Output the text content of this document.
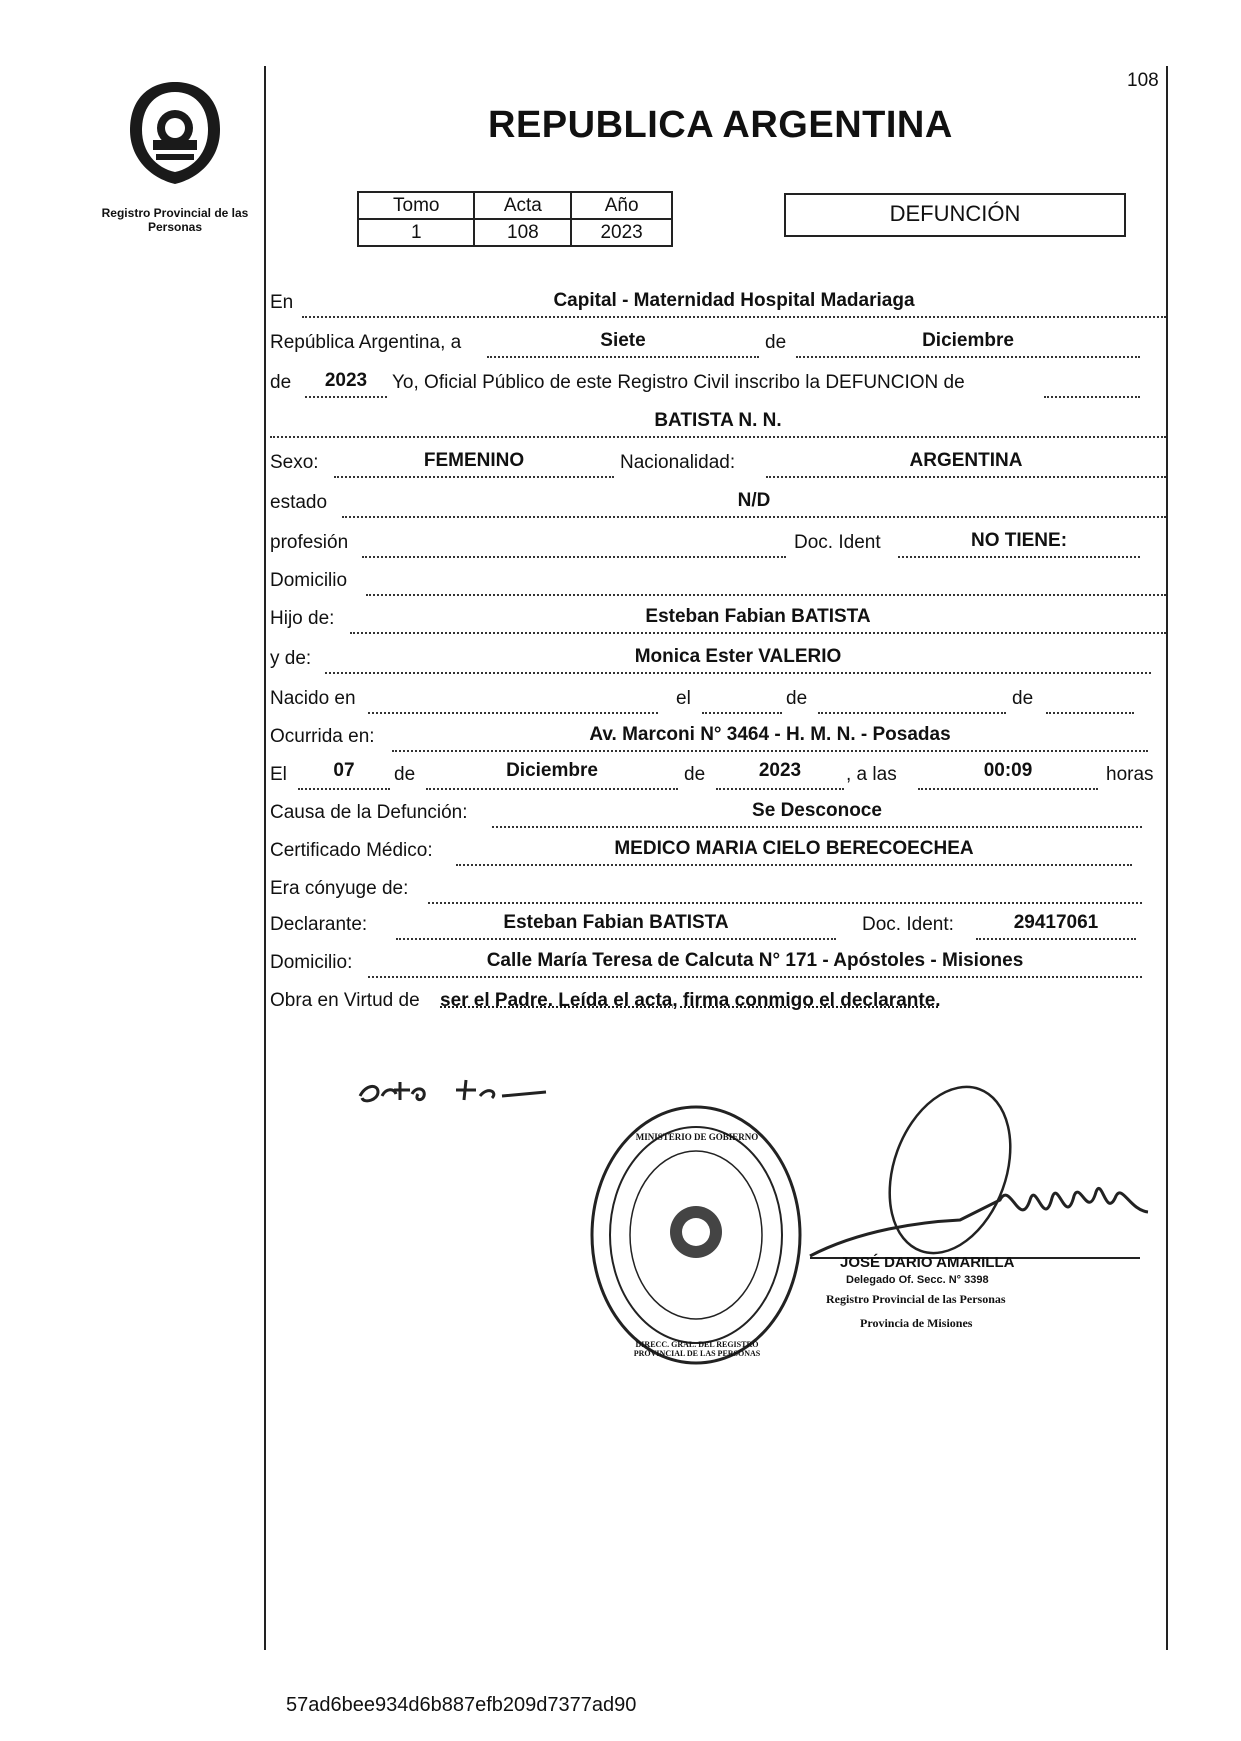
PROVINCIA DE MISIONES
Registro Provincial de las Personas
108
REPUBLICA ARGENTINA
Tomo	Acta	Año
1	108	2023
DEFUNCIÓN
En	Capital - Maternidad Hospital Madariaga
República Argentina, a	Siete	de	Diciembre
de	2023	Yo, Oficial Público de este Registro Civil inscribo la DEFUNCION de
BATISTA N. N.
Sexo:	FEMENINO	Nacionalidad:	ARGENTINA
estado	N/D
profesión	Doc. Ident	NO TIENE:
Domicilio
Hijo de:	Esteban Fabian BATISTA
y de:	Monica Ester VALERIO
Nacido en	el	de	de
Ocurrida en:	Av. Marconi N° 3464 - H. M. N. - Posadas
El	07	de	Diciembre	de	2023	, a las	00:09	horas
Causa de la Defunción:	Se Desconoce
Certificado Médico:	MEDICO MARIA CIELO BERECOECHEA
Era cónyuge de:
Declarante:	Esteban Fabian BATISTA	Doc. Ident:	29417061
Domicilio:	Calle María Teresa de Calcuta N° 171 - Apóstoles - Misiones
Obra en Virtud de ser el Padre. Leída el acta, firma conmigo el declarante.
DIRECC. GRAL. DEL REGISTRO PROVINCIAL DE LAS PERSONAS
MINISTERIO DE GOBIERNO
JOSÉ DARIO AMARILLA
Delegado Of. Secc. N° 3398
Registro Provincial de las Personas
Provincia de Misiones
57ad6bee934d6b887efb209d7377ad90
